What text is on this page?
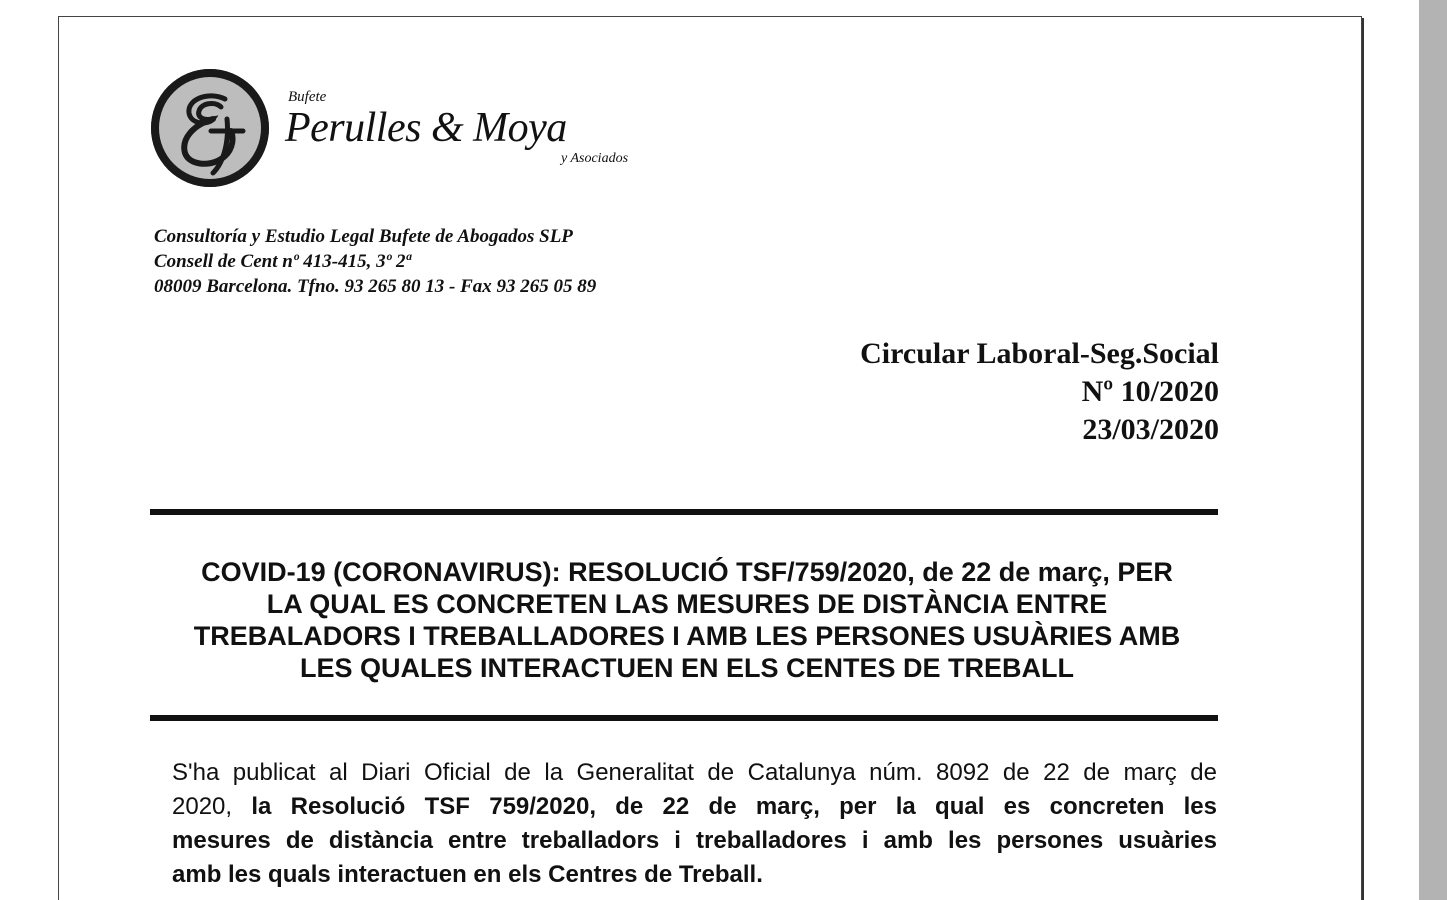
Bufete
Perulles & Moya
y Asociados
Consultoría y Estudio Legal Bufete de Abogados SLP
Consell de Cent nº 413-415, 3º 2ª
08009 Barcelona. Tfno. 93 265 80 13 - Fax 93 265 05 89
Circular Laboral-Seg.Social
Nº 10/2020
23/03/2020
COVID-19 (CORONAVIRUS): RESOLUCIÓ TSF/759/2020, de 22 de març, PER
LA QUAL ES CONCRETEN LAS MESURES DE DISTÀNCIA ENTRE
TREBALADORS I TREBALLADORES I AMB LES PERSONES USUÀRIES AMB
LES QUALES INTERACTUEN EN ELS CENTES DE TREBALL
S'ha publicat al Diari Oficial de la Generalitat de Catalunya núm. 8092 de 22 de març de
2020, la Resolució TSF 759/2020, de 22 de març, per la qual es concreten les
mesures de distància entre treballadors i treballadores i amb les persones usuàries
amb les quals interactuen en els Centres de Treball.
